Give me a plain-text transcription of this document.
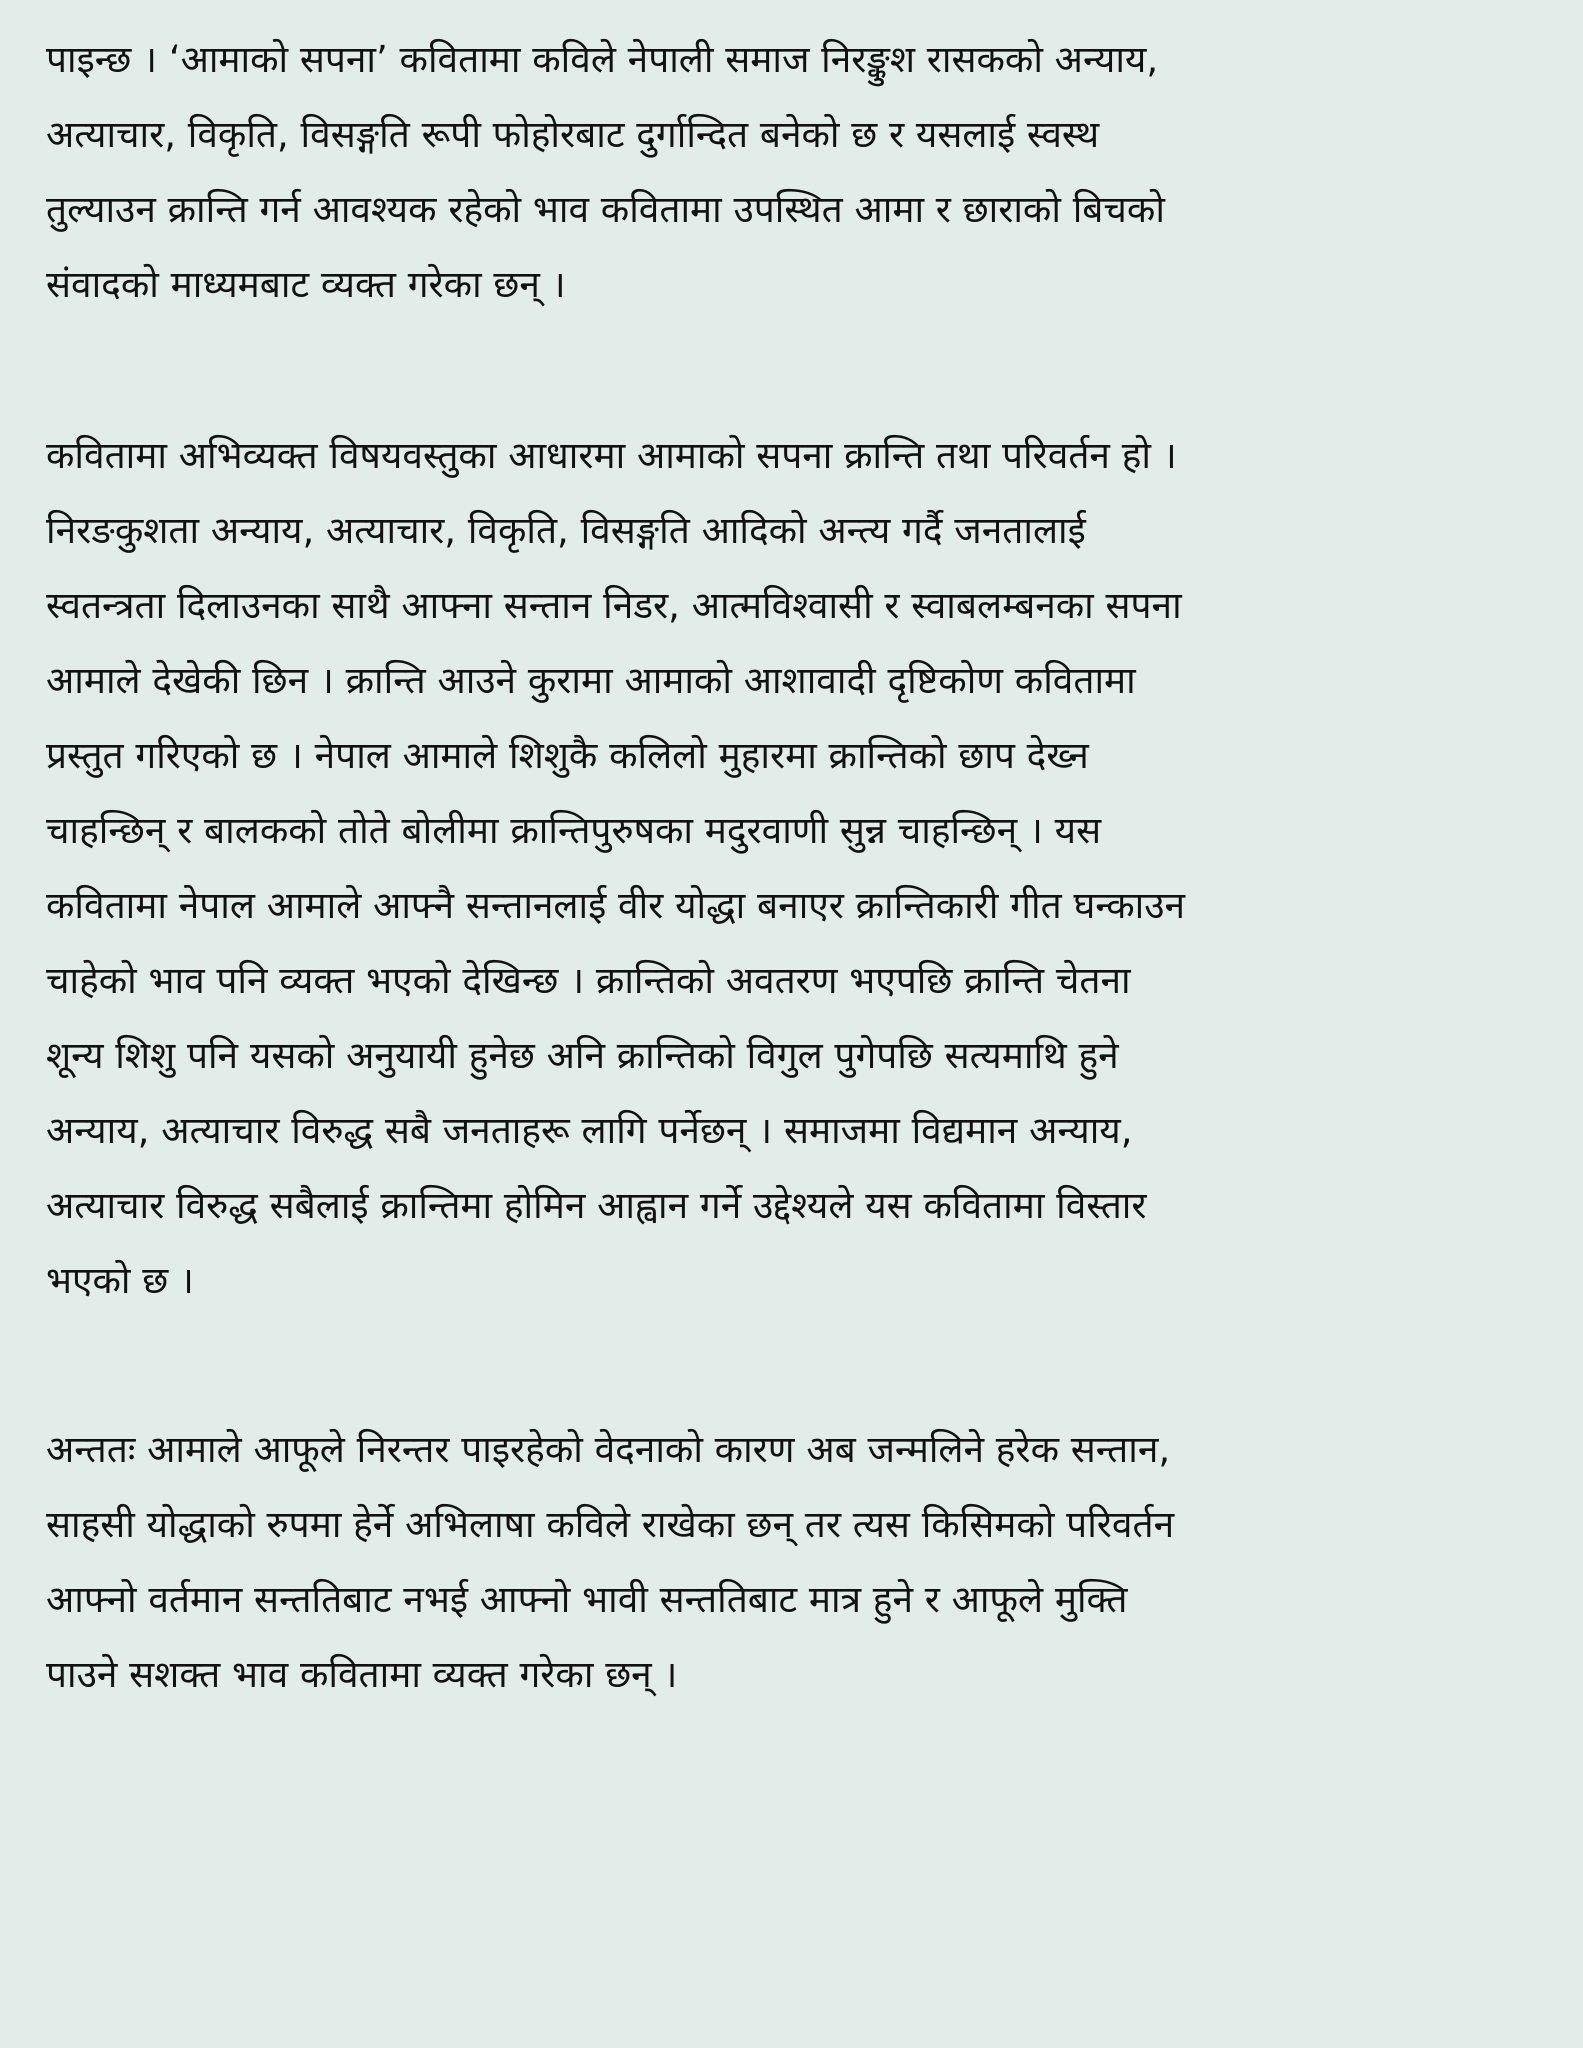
पाइन्छ । ‘आमाको सपना’ कवितामा कविले नेपाली समाज निरङ्कुश रासकको अन्याय,
अत्याचार, विकृति, विसङ्गति रूपी फोहोरबाट दुर्गान्दित बनेको छ र यसलाई स्वस्थ
तुल्याउन क्रान्ति गर्न आवश्यक रहेको भाव कवितामा उपस्थित आमा र छाराको बिचको
संवादको माध्यमबाट व्यक्त गरेका छन् ।
कवितामा अभिव्यक्त विषयवस्तुका आधारमा आमाको सपना क्रान्ति तथा परिवर्तन हो ।
निरङकुशता अन्याय, अत्याचार, विकृति, विसङ्गति आदिको अन्त्य गर्दै जनतालाई
स्वतन्त्रता दिलाउनका साथै आफ्ना सन्तान निडर, आत्मविश्वासी र स्वाबलम्बनका सपना
आमाले देखेकी छिन । क्रान्ति आउने कुरामा आमाको आशावादी दृष्टिकोण कवितामा
प्रस्तुत गरिएको छ । नेपाल आमाले शिशुकै कलिलो मुहारमा क्रान्तिको छाप देख्न
चाहन्छिन् र बालकको तोते बोलीमा क्रान्तिपुरुषका मदुरवाणी सुन्न चाहन्छिन् । यस
कवितामा नेपाल आमाले आफ्नै सन्तानलाई वीर योद्धा बनाएर क्रान्तिकारी गीत घन्काउन
चाहेको भाव पनि व्यक्त भएको देखिन्छ । क्रान्तिको अवतरण भएपछि क्रान्ति चेतना
शून्य शिशु पनि यसको अनुयायी हुनेछ अनि क्रान्तिको विगुल पुगेपछि सत्यमाथि हुने
अन्याय, अत्याचार विरुद्ध सबै जनताहरू लागि पर्नेछन् । समाजमा विद्यमान अन्याय,
अत्याचार विरुद्ध सबैलाई क्रान्तिमा होमिन आह्वान गर्ने उद्देश्यले यस कवितामा विस्तार
भएको छ ।
अन्ततः आमाले आफूले निरन्तर पाइरहेको वेदनाको कारण अब जन्मलिने हरेक सन्तान,
साहसी योद्धाको रुपमा हेर्ने अभिलाषा कविले राखेका छन् तर त्यस किसिमको परिवर्तन
आफ्नो वर्तमान सन्ततिबाट नभई आफ्नो भावी सन्ततिबाट मात्र हुने र आफूले मुक्ति
पाउने सशक्त भाव कवितामा व्यक्त गरेका छन् ।
